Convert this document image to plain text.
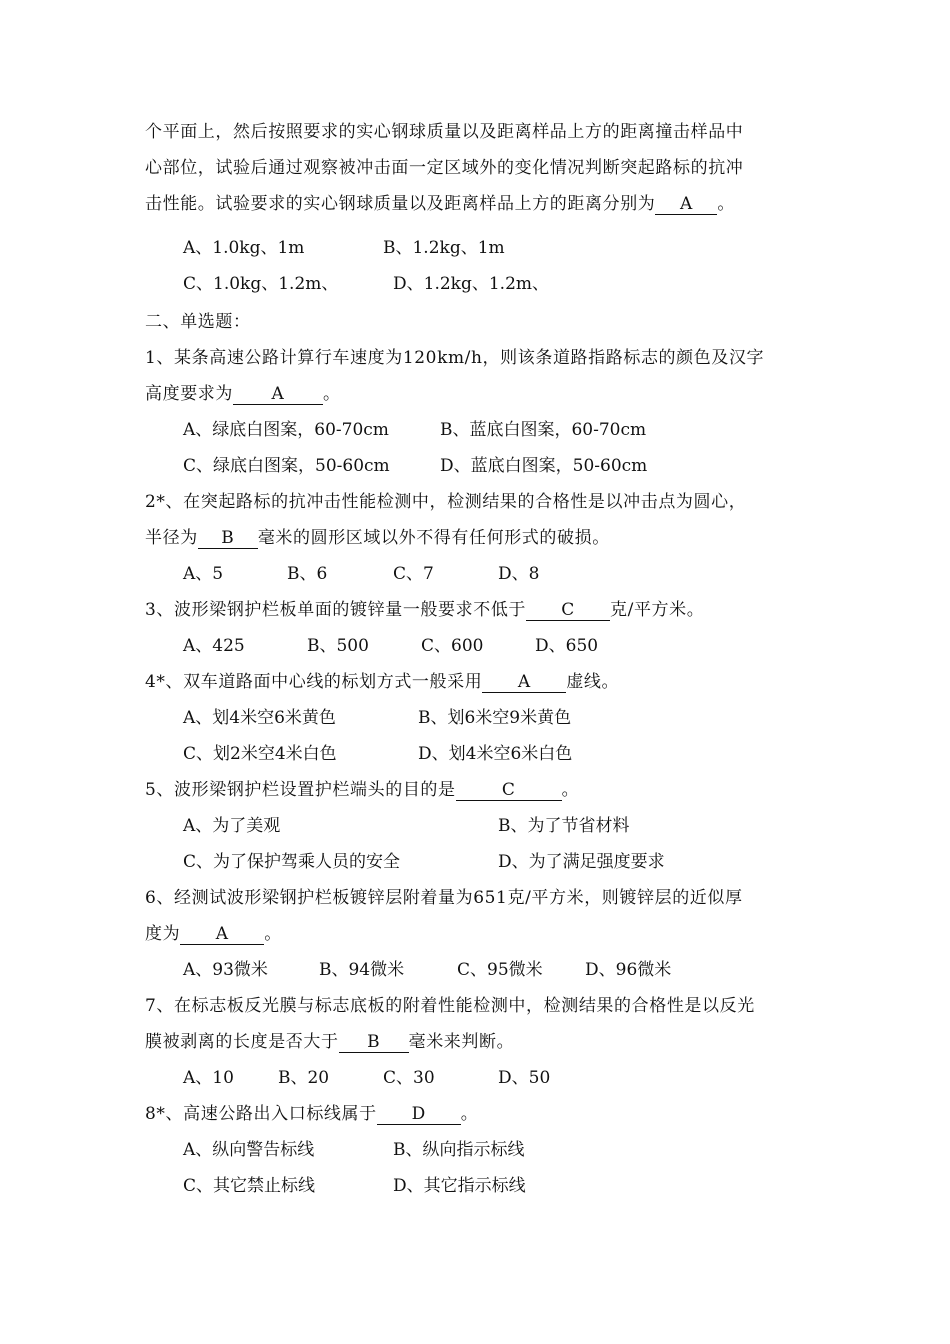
个平面上，然后按照要求的实心钢球质量以及距离样品上方的距离撞击样品中
心部位，试验后通过观察被冲击面一定区域外的变化情况判断突起路标的抗冲
击性能。试验要求的实心钢球质量以及距离样品上方的距离分别为 A 。
A、1.0kg、1m	B、1.2kg、1m
C、1.0kg、1.2m、	D、1.2kg、1.2m、
二、单选题：
1、某条高速公路计算行车速度为120km/h，则该条道路指路标志的颜色及汉字
高度要求为 A 。
A、绿底白图案，60-70cm	B、蓝底白图案，60-70cm
C、绿底白图案，50-60cm	D、蓝底白图案，50-60cm
2*、在突起路标的抗冲击性能检测中，检测结果的合格性是以冲击点为圆心，
半径为 B 毫米的圆形区域以外不得有任何形式的破损。
A、5	B、6	C、7	D、8
3、波形梁钢护栏板单面的镀锌量一般要求不低于 C 克/平方米。
A、425	B、500	C、600	D、650
4*、双车道路面中心线的标划方式一般采用 A 虚线。
A、划4米空6米黄色	B、划6米空9米黄色
C、划2米空4米白色	D、划4米空6米白色
5、波形梁钢护栏设置护栏端头的目的是	C	。
A、为了美观	B、为了节省材料
C、为了保护驾乘人员的安全	D、为了满足强度要求
6、经测试波形梁钢护栏板镀锌层附着量为651克/平方米，则镀锌层的近似厚
度为 A 。
A、93微米	B、94微米	C、95微米 D、96微米
7、在标志板反光膜与标志底板的附着性能检测中，检测结果的合格性是以反光
膜被剥离的长度是否大于 B 毫米来判断。
A、10	B、20	C、30	D、50
8*、高速公路出入口标线属于 D 。
A、纵向警告标线	B、纵向指示标线
C、其它禁止标线	D、其它指示标线
